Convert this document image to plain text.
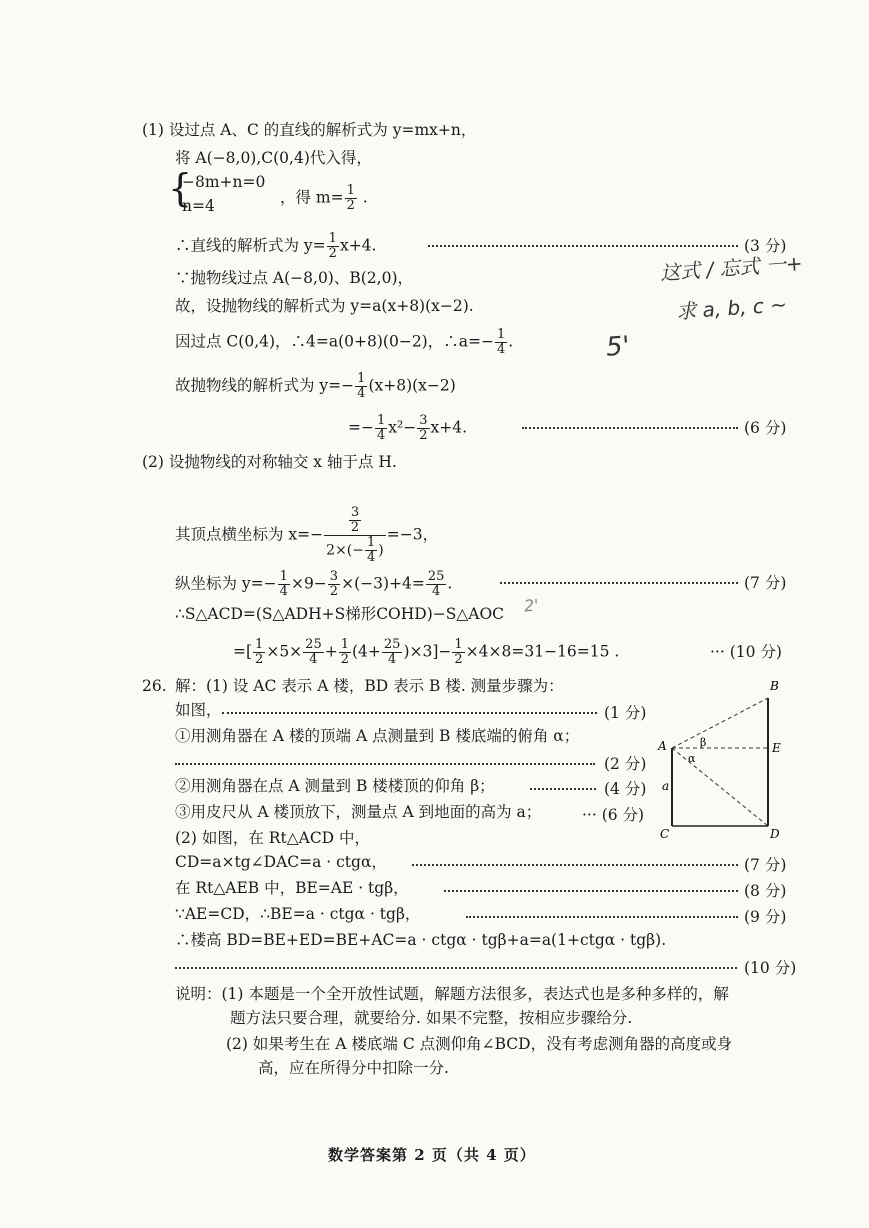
(1) 设过点 A、C 的直线的解析式为 y=mx+n，
将 A(−8,0),C(0,4)代入得，
{
−8m+n=0
n=4	，得 $m= \frac{1}{2}$ .
∴直线的解析式为 $y= \frac{1}{2} x+4$.	(3 分)
∵抛物线过点 A(−8,0)、B(2,0)，
故，设抛物线的解析式为 y=a(x+8)(x−2).
因过点 C(0,4)，∴4=a(0+8)(0−2)，∴a=− $\frac{1}{4}$ .
故抛物线的解析式为 $y=- \frac{1}{4} (x+8)(x-2)$
=− $\frac{1}{4} x^2- \frac{3}{2} x+4$.	(6 分)
这式 / 忘式 一+
求 a, b, c ~
5'
2'
(2) 设抛物线的对称轴交 x 轴于点 H.
其顶点横坐标为 $x=- \frac{\frac{3}{2}}{2\times(- \frac{1}{4} )} =-3$，
纵坐标为 $y=- \frac{1}{4} \times 9- \frac{3}{2} \times(-3)+4= \frac{25}{4}$ .	(7 分)
∴S△ACD=(S△ADH+S梯形COHD)−S△AOC
=[ $\frac{1}{2} \times 5\times \frac{25}{4} + \frac{1}{2} (4+ \frac{25}{4} )\times 3]- \frac{1}{2} \times 4\times 8=31-16=15$ .	··· (10 分)
26. 解：(1) 设 AC 表示 A 楼，BD 表示 B 楼. 测量步骤为：
如图，	(1 分)
①用测角器在 A 楼的顶端 A 点测量到 B 楼底端的俯角 α；
(2 分)
②用测角器在点 A 测量到 B 楼楼顶的仰角 β；	(4 分)
③用皮尺从 A 楼顶放下，测量点 A 到地面的高为 a；	··· (6 分)
B
A	E
C	D
a
α
β
(2) 如图，在 Rt△ACD 中，
CD=a×tg∠DAC=a · ctgα，	(7 分)
在 Rt△AEB 中，BE=AE · tgβ，	(8 分)
∵AE=CD，∴BE=a · ctgα · tgβ，	(9 分)
∴楼高 BD=BE+ED=BE+AC=a · ctgα · tgβ+a=a(1+ctgα · tgβ).
(10 分)
说明：(1) 本题是一个全开放性试题，解题方法很多，表达式也是多种多样的，解
题方法只要合理，就要给分. 如果不完整，按相应步骤给分.
(2) 如果考生在 A 楼底端 C 点测仰角∠BCD，没有考虑测角器的高度或身
高，应在所得分中扣除一分.
数学答案第 2 页（共 4 页）
